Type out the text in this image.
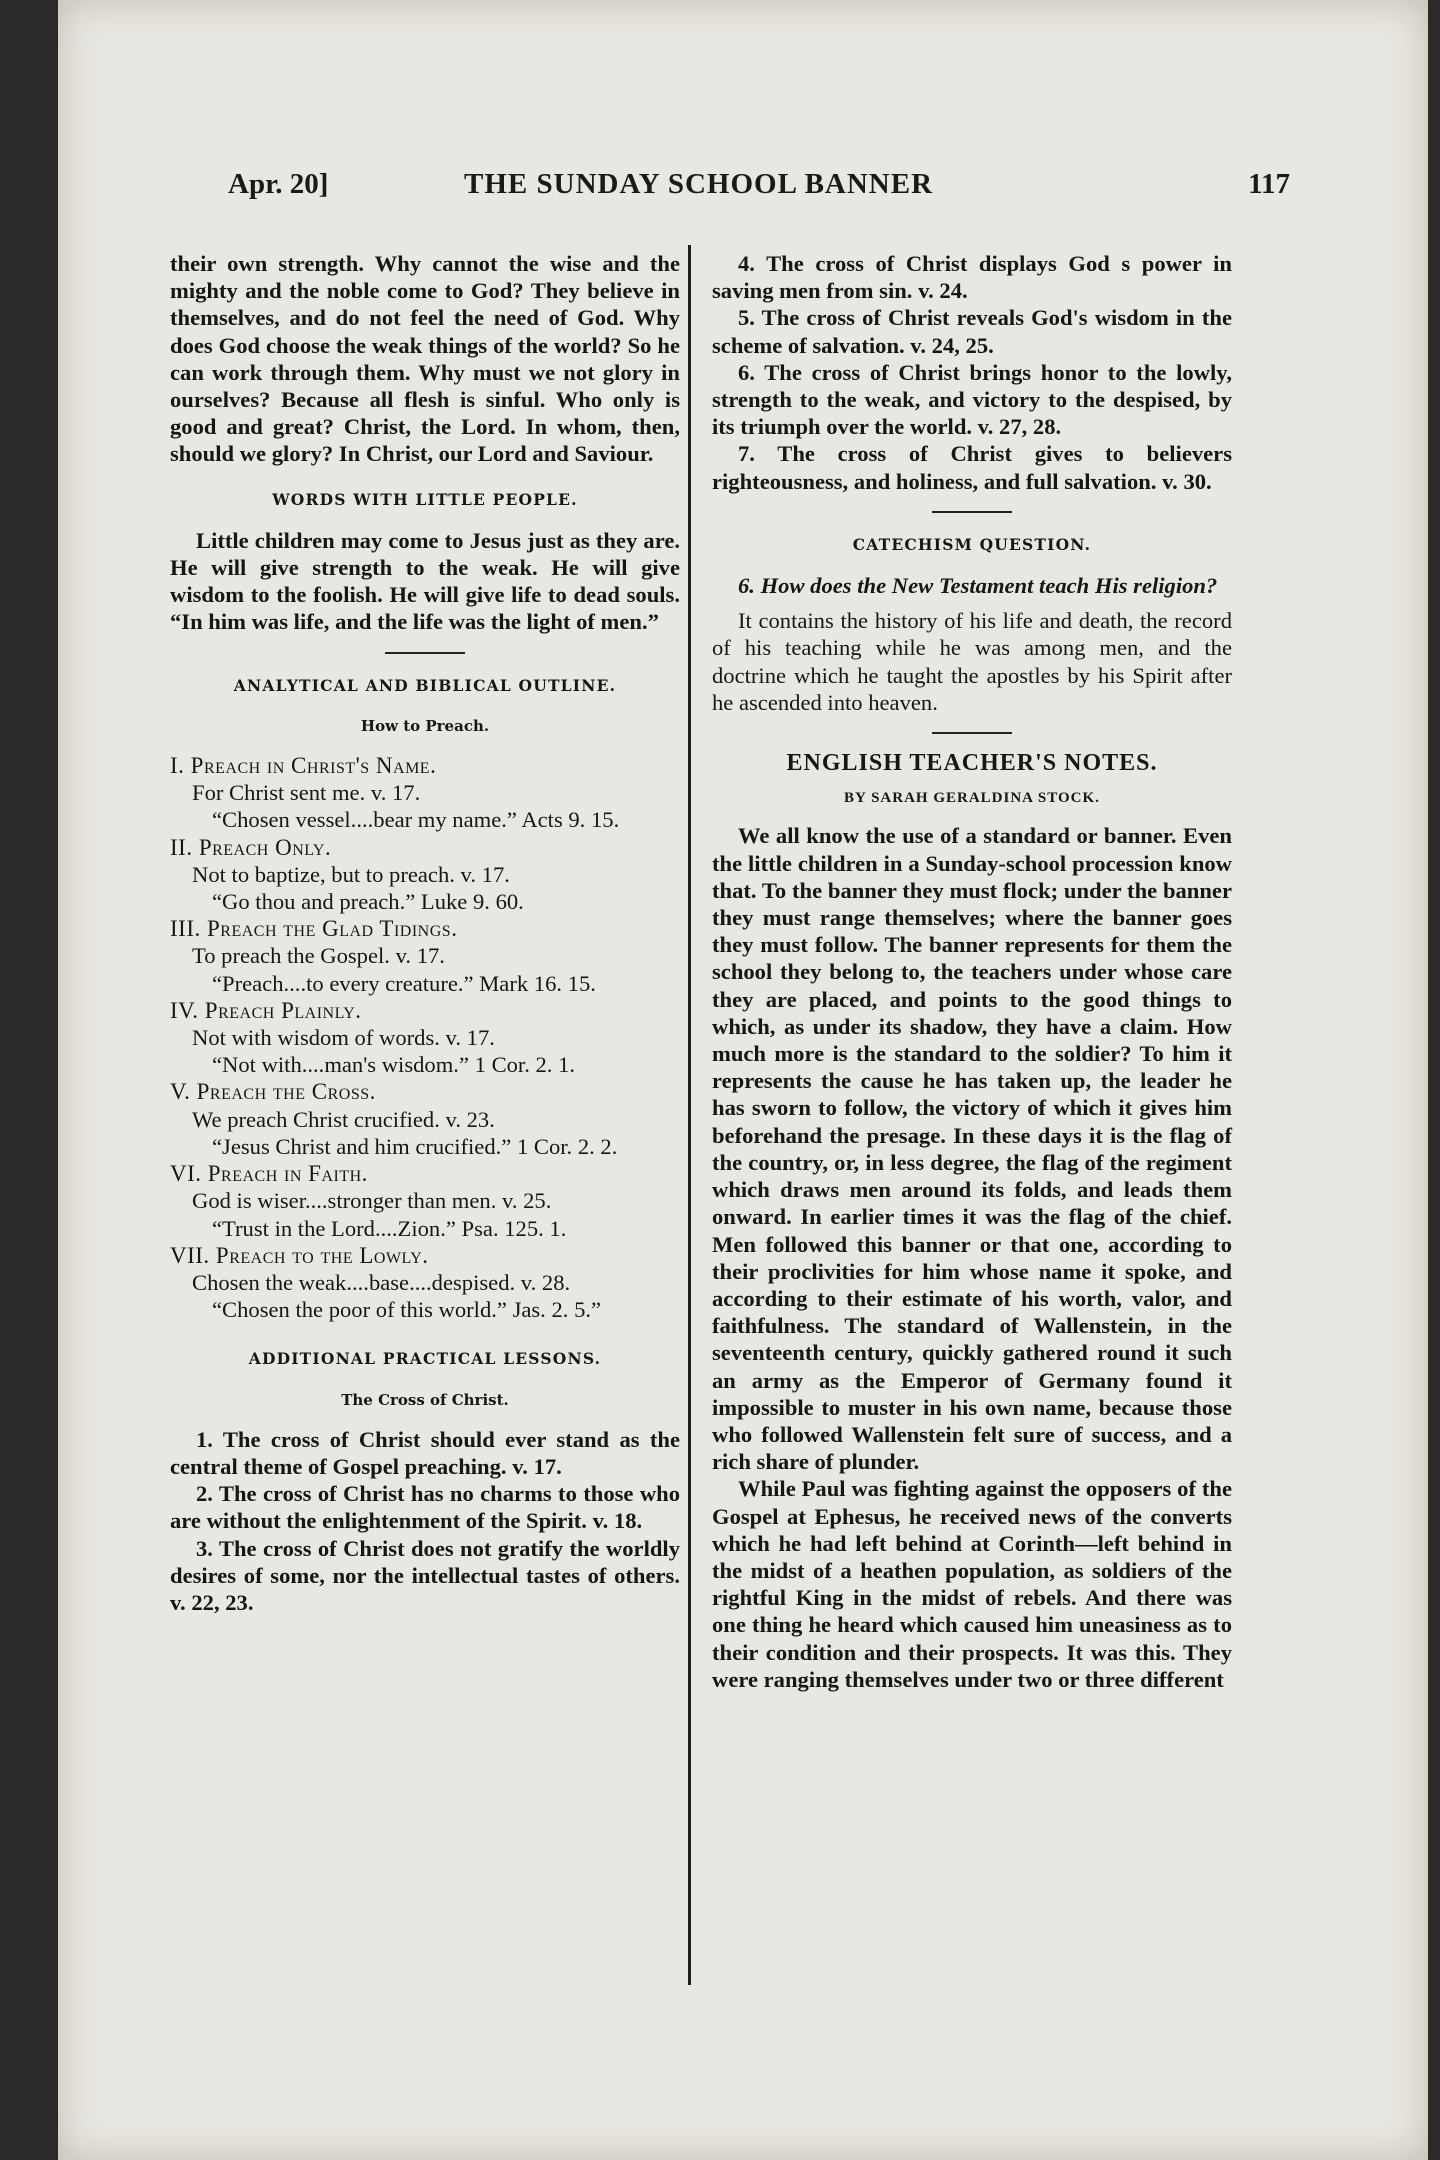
Apr. 20]	THE SUNDAY SCHOOL BANNER	117

their own strength. Why cannot the wise and the mighty and the noble come to God? They believe in themselves, and do not feel the need of God. Why does God choose the weak things of the world? So he can work through them. Why must we not glory in ourselves? Because all flesh is sinful. Who only is good and great? Christ, the Lord. In whom, then, should we glory? In Christ, our Lord and Saviour.

WORDS WITH LITTLE PEOPLE.

Little children may come to Jesus just as they are. He will give strength to the weak. He will give wisdom to the foolish. He will give life to dead souls. “In him was life, and the life was the light of men.”

ANALYTICAL AND BIBLICAL OUTLINE.
How to Preach.

I. Preach in Christ's Name.

For Christ sent me. v. 17.

“Chosen vessel....bear my name.” Acts 9. 15.

II. Preach Only.

Not to baptize, but to preach. v. 17.

“Go thou and preach.” Luke 9. 60.

III. Preach the Glad Tidings.

To preach the Gospel. v. 17.

“Preach....to every creature.” Mark 16. 15.

IV. Preach Plainly.

Not with wisdom of words. v. 17.

“Not with....man's wisdom.” 1 Cor. 2. 1.

V. Preach the Cross.

We preach Christ crucified. v. 23.

“Jesus Christ and him crucified.” 1 Cor. 2. 2.

VI. Preach in Faith.

God is wiser....stronger than men. v. 25.

“Trust in the Lord....Zion.” Psa. 125. 1.

VII. Preach to the Lowly.

Chosen the weak....base....despised. v. 28.

“Chosen the poor of this world.” Jas. 2. 5.”

ADDITIONAL PRACTICAL LESSONS.
The Cross of Christ.

1. The cross of Christ should ever stand as the central theme of Gospel preaching. v. 17.

2. The cross of Christ has no charms to those who are without the enlightenment of the Spirit. v. 18.

3. The cross of Christ does not gratify the worldly desires of some, nor the intellectual tastes of others. v. 22, 23.

4. The cross of Christ displays God s power in saving men from sin. v. 24.

5. The cross of Christ reveals God's wisdom in the scheme of salvation. v. 24, 25.

6. The cross of Christ brings honor to the lowly, strength to the weak, and victory to the despised, by its triumph over the world. v. 27, 28.

7. The cross of Christ gives to believers righteousness, and holiness, and full salvation. v. 30.

CATECHISM QUESTION.

6. How does the New Testament teach His religion?

It contains the history of his life and death, the record of his teaching while he was among men, and the doctrine which he taught the apostles by his Spirit after he ascended into heaven.

ENGLISH TEACHER'S NOTES.
BY SARAH GERALDINA STOCK.

We all know the use of a standard or banner. Even the little children in a Sunday-school procession know that. To the banner they must flock; under the banner they must range themselves; where the banner goes they must follow. The banner represents for them the school they belong to, the teachers under whose care they are placed, and points to the good things to which, as under its shadow, they have a claim. How much more is the standard to the soldier? To him it represents the cause he has taken up, the leader he has sworn to follow, the victory of which it gives him beforehand the presage. In these days it is the flag of the country, or, in less degree, the flag of the regiment which draws men around its folds, and leads them onward. In earlier times it was the flag of the chief. Men followed this banner or that one, according to their proclivities for him whose name it spoke, and according to their estimate of his worth, valor, and faithfulness. The standard of Wallenstein, in the seventeenth century, quickly gathered round it such an army as the Emperor of Germany found it impossible to muster in his own name, because those who followed Wallenstein felt sure of success, and a rich share of plunder.

While Paul was fighting against the opposers of the Gospel at Ephesus, he received news of the converts which he had left behind at Corinth—left behind in the midst of a heathen population, as soldiers of the rightful King in the midst of rebels. And there was one thing he heard which caused him uneasiness as to their condition and their prospects. It was this. They were ranging themselves under two or three different
